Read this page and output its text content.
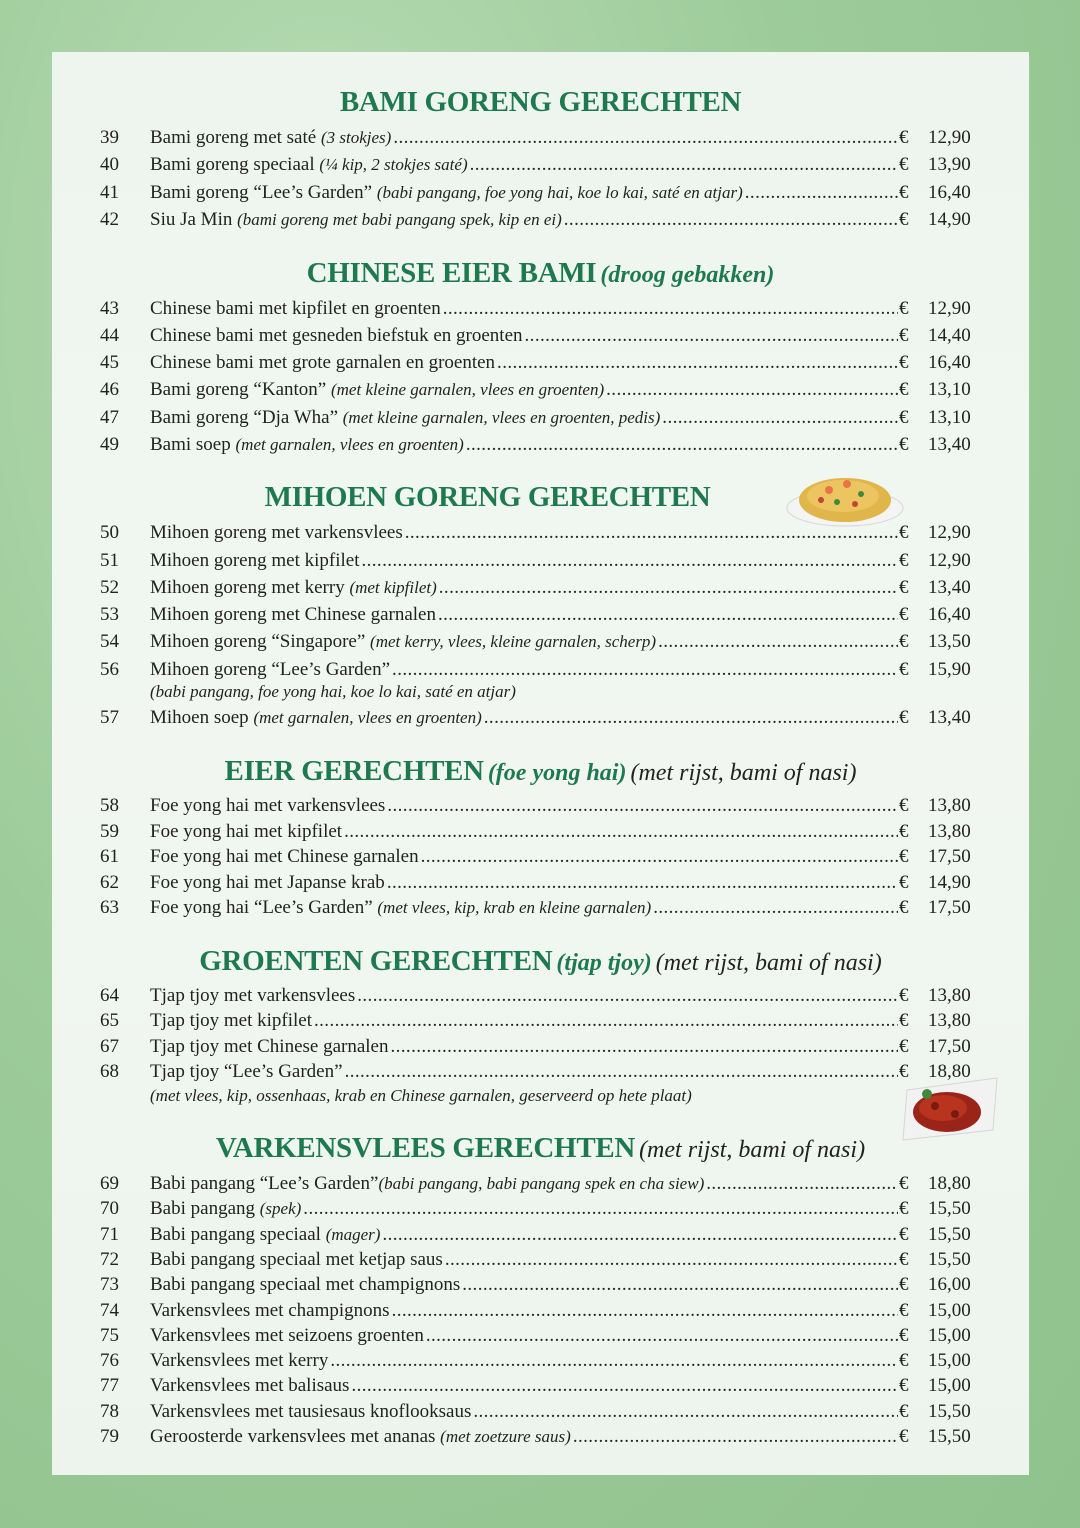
BAMI GORENG GERECHTEN
39	Bami goreng met saté (3 stokjes) .....	€ 12,90
40	Bami goreng speciaal (¼ kip, 2 stokjes saté) .....	€ 13,90
41	Bami goreng “Lee’s Garden” (babi pangang, foe yong hai, koe lo kai, saté en atjar) .....	€ 16,40
42	Siu Ja Min (bami goreng met babi pangang spek, kip en ei) .....	€ 14,90
CHINESE EIER BAMI (droog gebakken)
43	Chinese bami met kipfilet en groenten .....	€ 12,90
44	Chinese bami met gesneden biefstuk en groenten .....	€ 14,40
45	Chinese bami met grote garnalen en groenten .....	€ 16,40
46	Bami goreng “Kanton” (met kleine garnalen, vlees en groenten) .....	€ 13,10
47	Bami goreng “Dja Wha” (met kleine garnalen, vlees en groenten, pedis) .....	€ 13,10
49	Bami soep (met garnalen, vlees en groenten) .....	€ 13,40
MIHOEN GORENG GERECHTEN
50	Mihoen goreng met varkensvlees .....	€ 12,90
51	Mihoen goreng met kipfilet .....	€ 12,90
52	Mihoen goreng met kerry (met kipfilet) .....	€ 13,40
53	Mihoen goreng met Chinese garnalen .....	€ 16,40
54	Mihoen goreng “Singapore” (met kerry, vlees, kleine garnalen, scherp) .....	€ 13,50
56	Mihoen goreng “Lee’s Garden” .....	€ 15,90
(babi pangang, foe yong hai, koe lo kai, saté en atjar)
57	Mihoen soep (met garnalen, vlees en groenten) .....	€ 13,40
EIER GERECHTEN (foe yong hai) (met rijst, bami of nasi)
58	Foe yong hai met varkensvlees .....	€ 13,80
59	Foe yong hai met kipfilet .....	€ 13,80
61	Foe yong hai met Chinese garnalen .....	€ 17,50
62	Foe yong hai met Japanse krab .....	€ 14,90
63	Foe yong hai “Lee’s Garden” (met vlees, kip, krab en kleine garnalen) .....	€ 17,50
GROENTEN GERECHTEN (tjap tjoy) (met rijst, bami of nasi)
64	Tjap tjoy met varkensvlees .....	€ 13,80
65	Tjap tjoy met kipfilet .....	€ 13,80
67	Tjap tjoy met Chinese garnalen .....	€ 17,50
68	Tjap tjoy “Lee’s Garden” .....	€ 18,80
(met vlees, kip, ossenhaas, krab en Chinese garnalen, geserveerd op hete plaat)
VARKENSVLEES GERECHTEN (met rijst, bami of nasi)
69	Babi pangang “Lee’s Garden”(babi pangang, babi pangang spek en cha siew) .....	€ 18,80
70	Babi pangang (spek) .....	€ 15,50
71	Babi pangang speciaal (mager) .....	€ 15,50
72	Babi pangang speciaal met ketjap saus .....	€ 15,50
73	Babi pangang speciaal met champignons .....	€ 16,00
74	Varkensvlees met champignons .....	€ 15,00
75	Varkensvlees met seizoens groenten .....	€ 15,00
76	Varkensvlees met kerry .....	€ 15,00
77	Varkensvlees met balisaus .....	€ 15,00
78	Varkensvlees met tausiesaus knoflooksaus .....	€ 15,50
79	Geroosterde varkensvlees met ananas (met zoetzure saus) .....	€ 15,50
